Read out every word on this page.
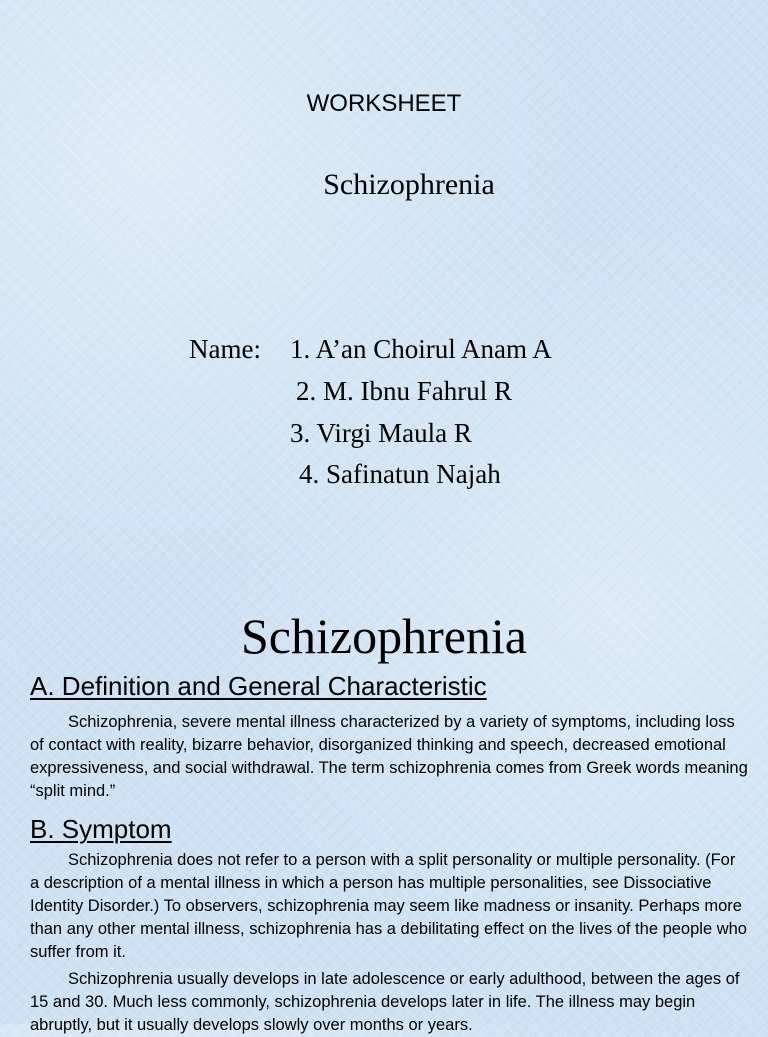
WORKSHEET
Schizophrenia
Name: 1. A’an Choirul Anam A
2. M. Ibnu Fahrul R
3. Virgi Maula R
4. Safinatun Najah
Schizophrenia
A. Definition and General Characteristic

Schizophrenia, severe mental illness characterized by a variety of symptoms, including loss of contact with reality, bizarre behavior, disorganized thinking and speech, decreased emotional expressiveness, and social withdrawal. The term schizophrenia comes from Greek words meaning “split mind.”

B. Symptom

Schizophrenia does not refer to a person with a split personality or multiple personality. (For a description of a mental illness in which a person has multiple personalities, see Dissociative Identity Disorder.) To observers, schizophrenia may seem like madness or insanity. Perhaps more than any other mental illness, schizophrenia has a debilitating effect on the lives of the people who suffer from it.

Schizophrenia usually develops in late adolescence or early adulthood, between the ages of 15 and 30. Much less commonly, schizophrenia develops later in life. The illness may begin abruptly, but it usually develops slowly over months or years.
